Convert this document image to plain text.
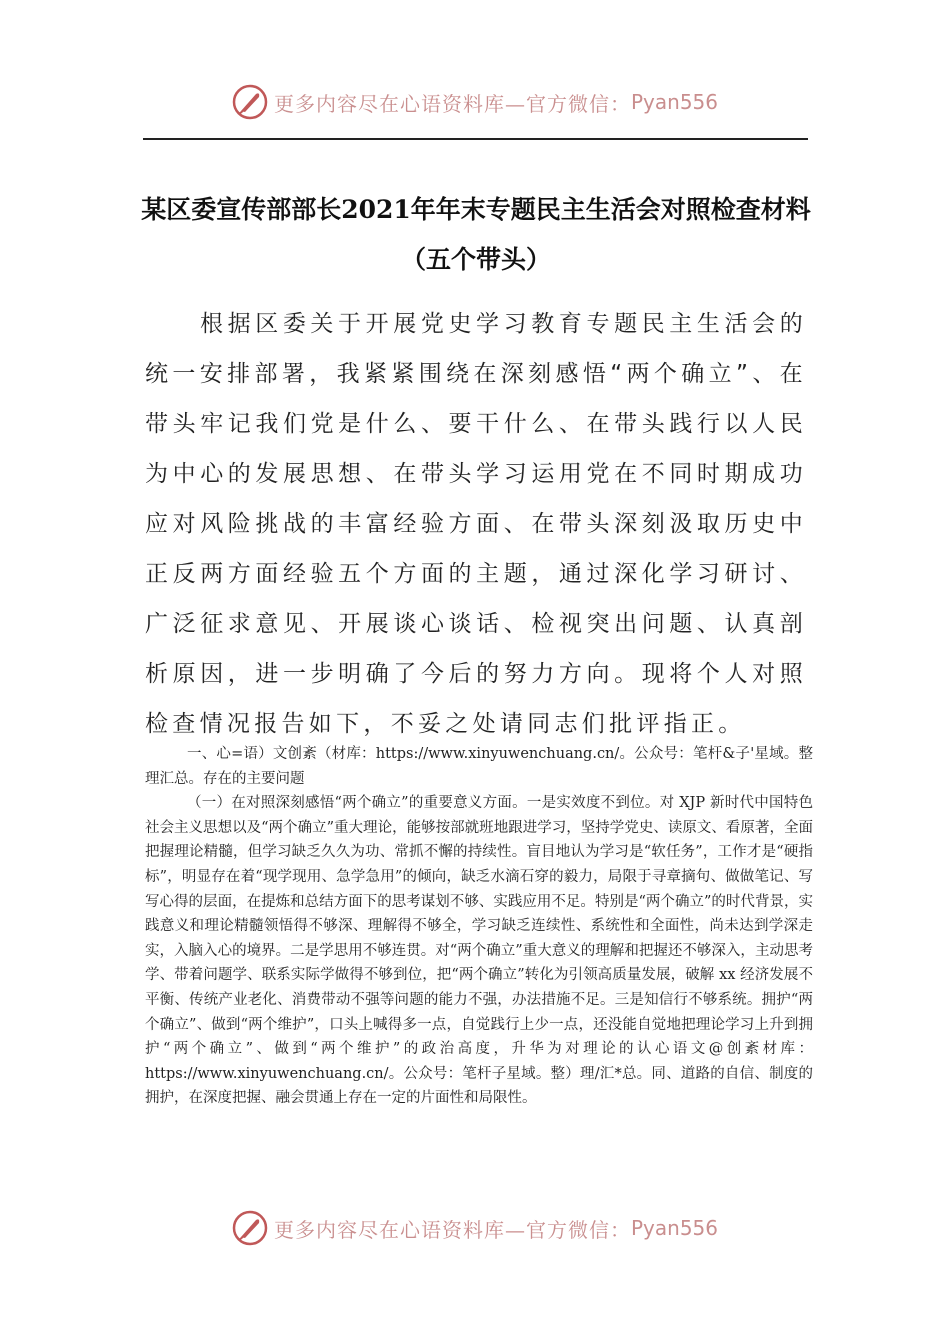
更多内容尽在心语资料库—官方微信： Pyan556
某区委宣传部部长2021年年末专题民主生活会对照检查材料（五个带头）

根据区委关于开展党史学习教育专题民主生活会的统一安排部署，我紧紧围绕在深刻感悟“两个确立”、在带头牢记我们党是什么、要干什么、在带头践行以人民为中心的发展思想、在带头学习运用党在不同时期成功应对风险挑战的丰富经验方面、在带头深刻汲取历史中正反两方面经验五个方面的主题，通过深化学习研讨、广泛征求意见、开展谈心谈话、检视突出问题、认真剖析原因，进一步明确了今后的努力方向。现将个人对照检查情况报告如下，不妥之处请同志们批评指正。

一、心=语）文创紊（材库：https://www.xinyuwenchuang.cn/。公众号：笔杆&子'星域。整理汇总。存在的主要问题

（一）在对照深刻感悟“两个确立”的重要意义方面。一是实效度不到位。对 XJP 新时代中国特色社会主义思想以及“两个确立”重大理论，能够按部就班地跟进学习，坚持学党史、读原文、看原著，全面把握理论精髓，但学习缺乏久久为功、常抓不懈的持续性。盲目地认为学习是“软任务”，工作才是“硬指标”，明显存在着“现学现用、急学急用”的倾向，缺乏水滴石穿的毅力，局限于寻章摘句、做做笔记、写写心得的层面，在提炼和总结方面下的思考谋划不够、实践应用不足。特别是“两个确立”的时代背景，实践意义和理论精髓领悟得不够深、理解得不够全，学习缺乏连续性、系统性和全面性，尚未达到学深走实，入脑入心的境界。二是学思用不够连贯。对“两个确立”重大意义的理解和把握还不够深入，主动思考学、带着问题学、联系实际学做得不够到位，把“两个确立”转化为引领高质量发展，破解 xx 经济发展不平衡、传统产业老化、消费带动不强等问题的能力不强，办法措施不足。三是知信行不够系统。拥护“两个确立”、做到“两个维护”，口头上喊得多一点，自觉践行上少一点，还没能自觉地把理论学习上升到拥护“两个确立”、做到“两个维护”的政治高度，升华为对理论的认心语文@创紊材库：https://www.xinyuwenchuang.cn/。公众号：笔杆子星域。整）理/汇*总。同、道路的自信、制度的拥护，在深度把握、融会贯通上存在一定的片面性和局限性。

更多内容尽在心语资料库—官方微信： Pyan556
